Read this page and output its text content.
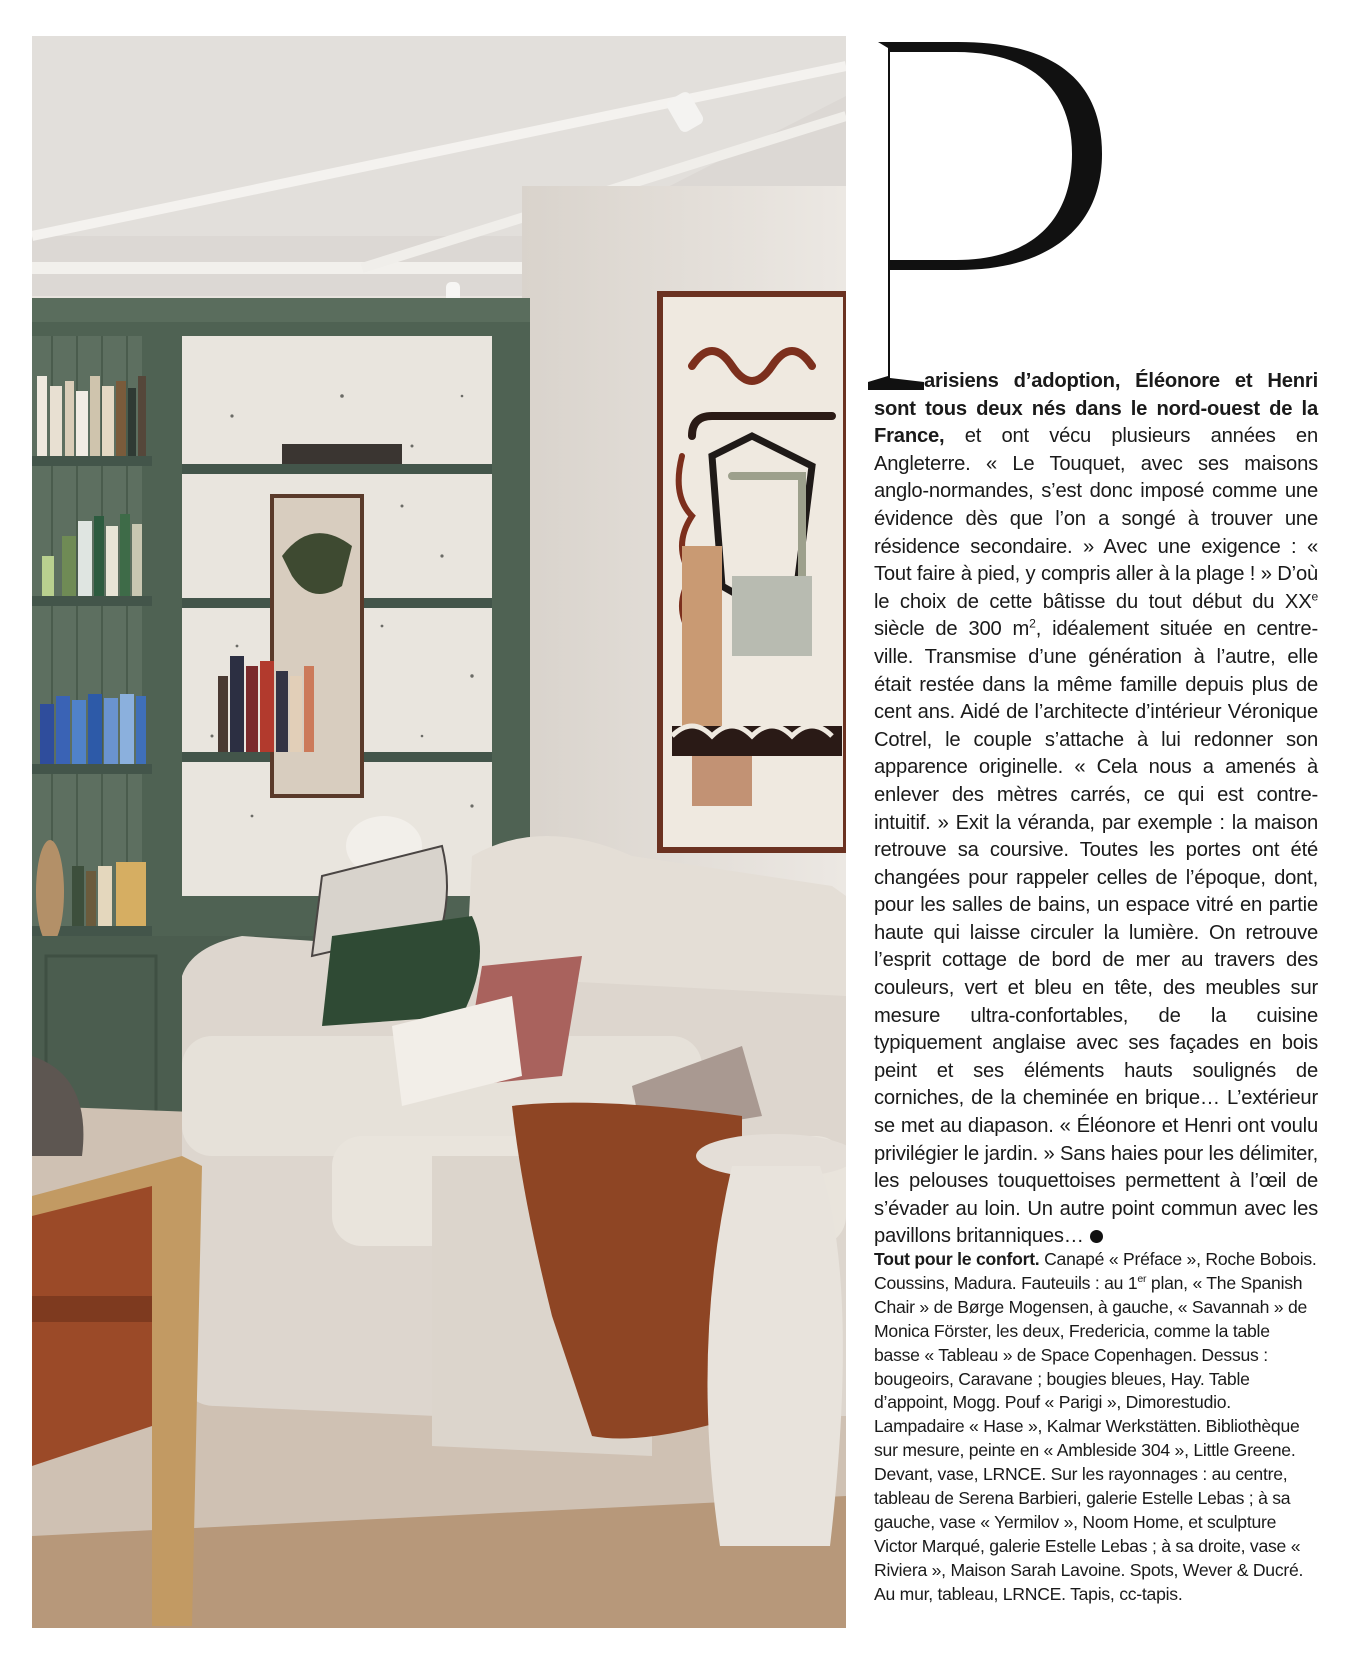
P

arisiens d’adoption, Éléonore et Henri sont tous deux nés dans le nord-ouest de la France, et ont vécu plusieurs années en Angleterre. « Le Touquet, avec ses maisons anglo-normandes, s’est donc imposé comme une évidence dès que l’on a songé à trouver une résidence secondaire. » Avec une exigence : « Tout faire à pied, y compris aller à la plage ! » D’où le choix de cette bâtisse du tout début du XXe siècle de 300 $m^2$, idéalement située en centre-ville. Transmise d’une génération à l’autre, elle était restée dans la même famille depuis plus de cent ans. Aidé de l’architecte d’intérieur Véronique Cotrel, le couple s’attache à lui redonner son apparence originelle. « Cela nous a amenés à enlever des mètres carrés, ce qui est contre-intuitif. » Exit la véranda, par exemple : la maison retrouve sa coursive. Toutes les portes ont été changées pour rappeler celles de l’époque, dont, pour les salles de bains, un espace vitré en partie haute qui laisse circuler la lumière. On retrouve l’esprit cottage de bord de mer au travers des couleurs, vert et bleu en tête, des meubles sur mesure ultra-confortables, de la cuisine typiquement anglaise avec ses façades en bois peint et ses éléments hauts soulignés de corniches, de la cheminée en brique… L’extérieur se met au diapason. « Éléonore et Henri ont voulu privilégier le jardin. » Sans haies pour les délimiter, les pelouses touquettoises permettent à l’œil de s’évader au loin. Un autre point commun avec les pavillons britanniques…

Tout pour le confort. Canapé « Préface », Roche Bobois. Coussins, Madura. Fauteuils : au 1er plan, « The Spanish Chair » de Børge Mogensen, à gauche, « Savannah » de Monica Förster, les deux, Fredericia, comme la table basse « Tableau » de Space Copenhagen. Dessus : bougeoirs, Caravane ; bougies bleues, Hay. Table d’appoint, Mogg. Pouf « Parigi », Dimorestudio. Lampadaire « Hase », Kalmar Werkstätten. Bibliothèque sur mesure, peinte en « Ambleside 304 », Little Greene. Devant, vase, LRNCE. Sur les rayonnages : au centre, tableau de Serena Barbieri, galerie Estelle Lebas ; à sa gauche, vase « Yermilov », Noom Home, et sculpture Victor Marqué, galerie Estelle Lebas ; à sa droite, vase « Riviera », Maison Sarah Lavoine. Spots, Wever & Ducré. Au mur, tableau, LRNCE. Tapis, cc-tapis.
